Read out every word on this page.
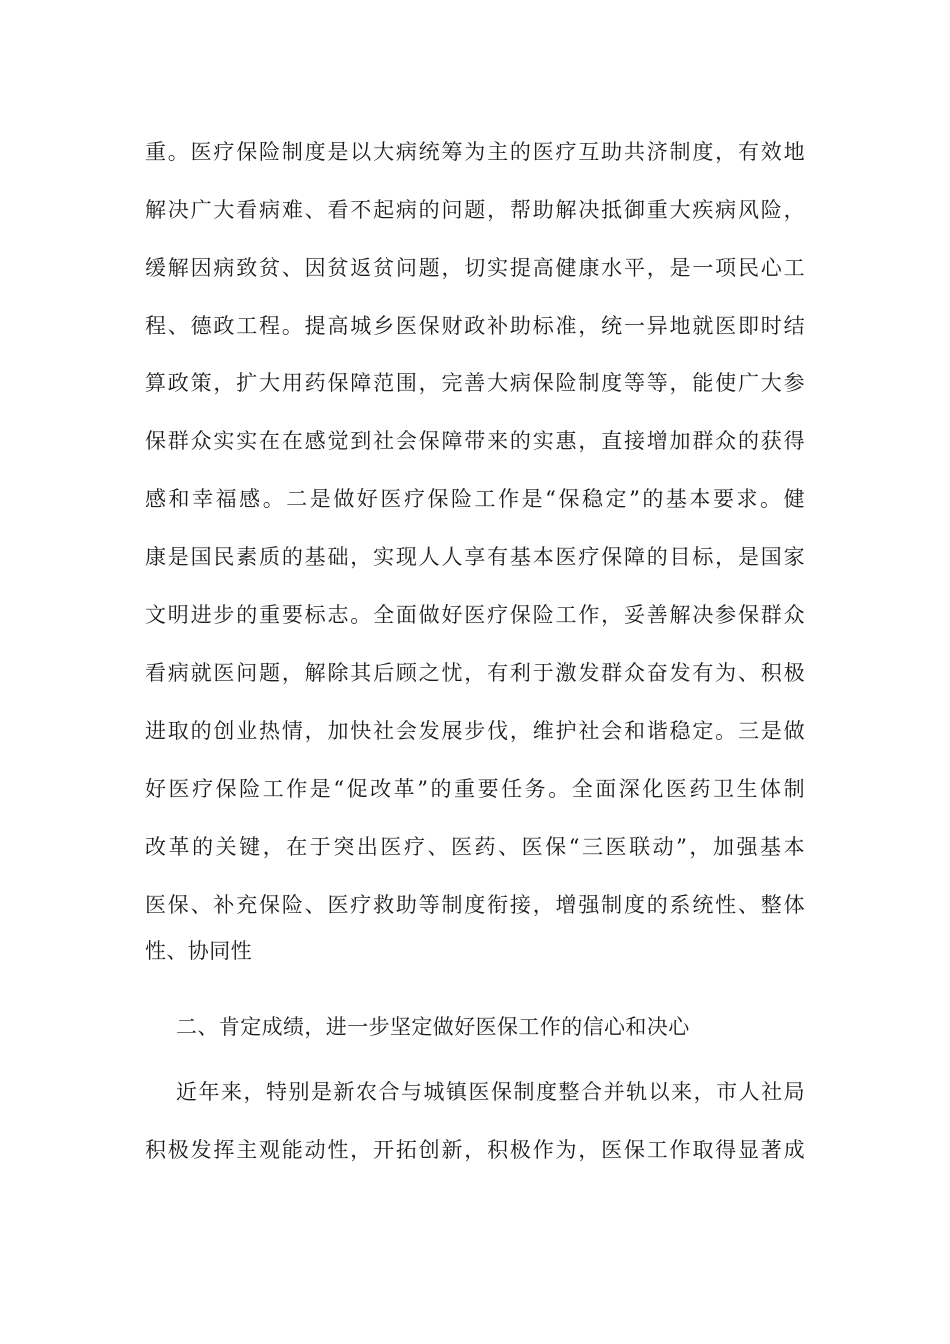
重。医疗保险制度是以大病统筹为主的医疗互助共济制度，有效地
解决广大看病难、看不起病的问题，帮助解决抵御重大疾病风险，
缓解因病致贫、因贫返贫问题，切实提高健康水平，是一项民心工
程、德政工程。提高城乡医保财政补助标准，统一异地就医即时结
算政策，扩大用药保障范围，完善大病保险制度等等，能使广大参
保群众实实在在感觉到社会保障带来的实惠，直接增加群众的获得
感和幸福感。二是做好医疗保险工作是“保稳定”的基本要求。健
康是国民素质的基础，实现人人享有基本医疗保障的目标，是国家
文明进步的重要标志。全面做好医疗保险工作，妥善解决参保群众
看病就医问题，解除其后顾之忧，有利于激发群众奋发有为、积极
进取的创业热情，加快社会发展步伐，维护社会和谐稳定。三是做
好医疗保险工作是“促改革”的重要任务。全面深化医药卫生体制
改革的关键，在于突出医疗、医药、医保“三医联动”，加强基本
医保、补充保险、医疗救助等制度衔接，增强制度的系统性、整体
性、协同性
二、肯定成绩，进一步坚定做好医保工作的信心和决心
近年来，特别是新农合与城镇医保制度整合并轨以来，市人社局
积极发挥主观能动性，开拓创新，积极作为，医保工作取得显著成
